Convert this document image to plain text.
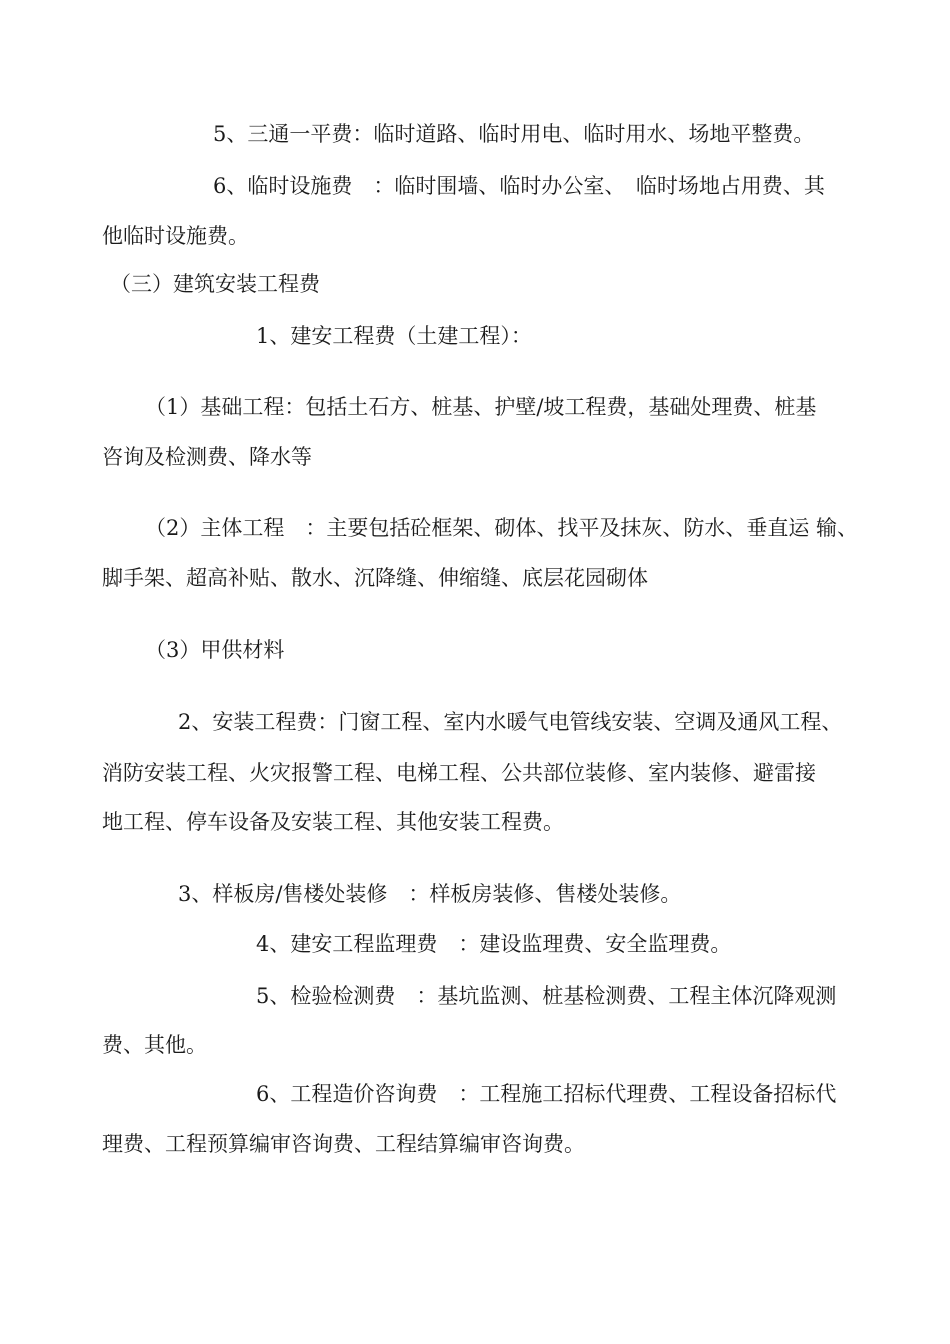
5、三通一平费：临时道路、临时用电、临时用水、场地平整费。
6、临时设施费　：临时围墙、临时办公室、　临时场地占用费、其
他临时设施费。
（三）建筑安装工程费
1、建安工程费（土建工程）：
（1）基础工程：包括土石方、桩基、护壁/坡工程费，基础处理费、桩基
咨询及检测费、降水等
（2）主体工程　：主要包括砼框架、砌体、找平及抹灰、防水、垂直运 输、
脚手架、超高补贴、散水、沉降缝、伸缩缝、底层花园砌体
（3）甲供材料
2、安装工程费：门窗工程、室内水暖气电管线安装、空调及通风工程、
消防安装工程、火灾报警工程、电梯工程、公共部位装修、室内装修、避雷接
地工程、停车设备及安装工程、其他安装工程费。
3、样板房/售楼处装修　：样板房装修、售楼处装修。
4、建安工程监理费　：建设监理费、安全监理费。
5、检验检测费　：基坑监测、桩基检测费、工程主体沉降观测
费、其他。
6、工程造价咨询费　：工程施工招标代理费、工程设备招标代
理费、工程预算编审咨询费、工程结算编审咨询费。
